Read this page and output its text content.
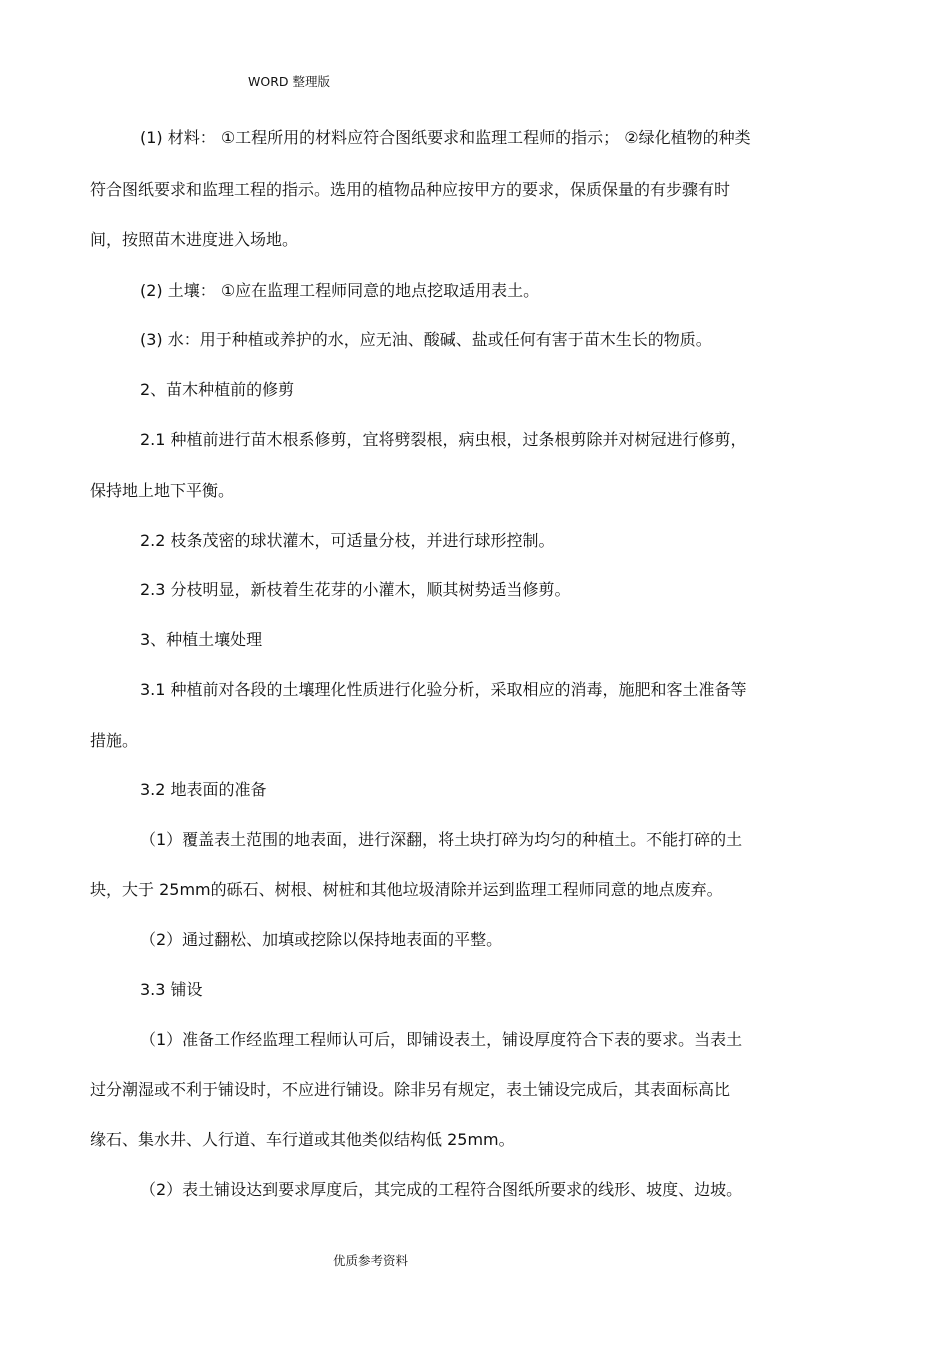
WORD 整理版
(1) 材料： ①工程所用的材料应符合图纸要求和监理工程师的指示； ②绿化植物的种类
符合图纸要求和监理工程的指示。选用的植物品种应按甲方的要求，保质保量的有步骤有时
间，按照苗木进度进入场地。
(2) 土壤： ①应在监理工程师同意的地点挖取适用表土。
(3) 水：用于种植或养护的水，应无油、酸碱、盐或任何有害于苗木生长的物质。
2、苗木种植前的修剪
2.1 种植前进行苗木根系修剪，宜将劈裂根，病虫根，过条根剪除并对树冠进行修剪，
保持地上地下平衡。
2.2 枝条茂密的球状灌木，可适量分枝，并进行球形控制。
2.3 分枝明显，新枝着生花芽的小灌木，顺其树势适当修剪。
3、种植土壤处理
3.1 种植前对各段的土壤理化性质进行化验分析，采取相应的消毒，施肥和客土准备等
措施。
3.2 地表面的准备
（1）覆盖表土范围的地表面，进行深翻，将土块打碎为均匀的种植土。不能打碎的土
块，大于 25mm的砾石、树根、树桩和其他垃圾清除并运到监理工程师同意的地点废弃。
（2）通过翻松、加填或挖除以保持地表面的平整。
3.3 铺设
（1）准备工作经监理工程师认可后，即铺设表土，铺设厚度符合下表的要求。当表土
过分潮湿或不利于铺设时，不应进行铺设。除非另有规定，表土铺设完成后，其表面标高比
缘石、集水井、人行道、车行道或其他类似结构低 25mm。
（2）表土铺设达到要求厚度后，其完成的工程符合图纸所要求的线形、坡度、边坡。
优质参考资料
